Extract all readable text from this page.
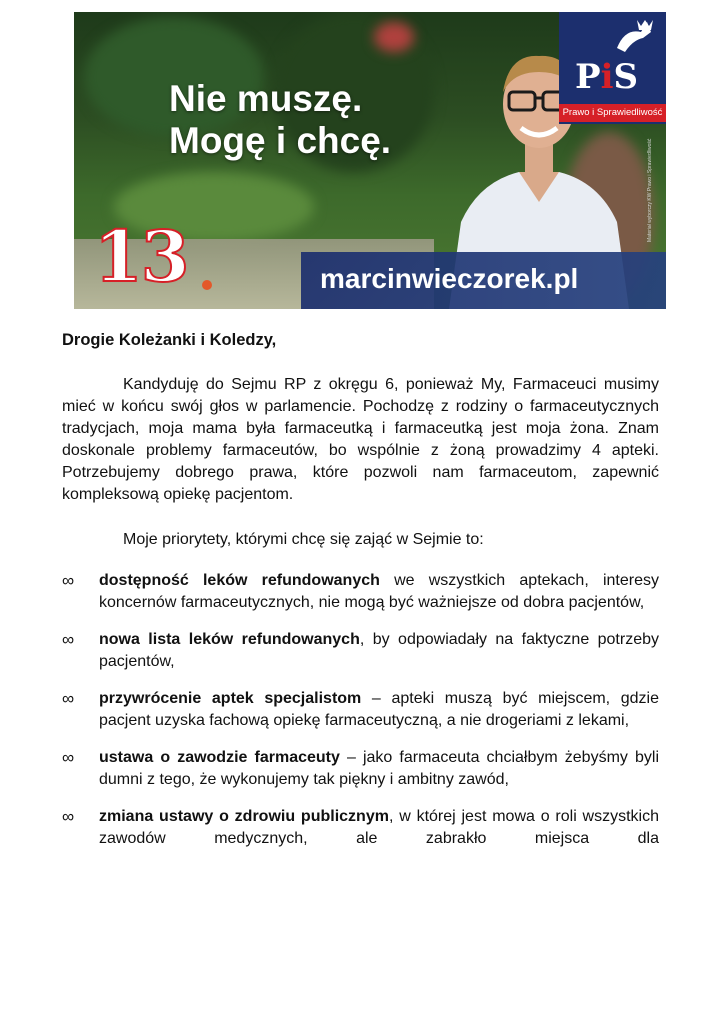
Nie muszę.
Mogę i chcę.
13	marcinwieczorek.pl
PiS
Prawo i Sprawiedliwość
Materiał wyborczy KW Prawo i Sprawiedliwość
Drogie Koleżanki i Koledzy,
Kandyduję do Sejmu RP z okręgu 6, ponieważ My, Farmaceuci musimy mieć w końcu swój głos w parlamencie. Pochodzę z rodziny o farmaceutycznych tradycjach, moja mama była farmaceutką i farmaceutką jest moja żona. Znam doskonale problemy farmaceutów, bo wspólnie z żoną prowadzimy 4 apteki. Potrzebujemy dobrego prawa, które pozwoli nam farmaceutom, zapewnić kompleksową opiekę pacjentom.
Moje priorytety, którymi chcę się zająć w Sejmie to:
∞ dostępność leków refundowanych we wszystkich aptekach, interesy koncernów farmaceutycznych, nie mogą być ważniejsze od dobra pacjentów,
∞ nowa lista leków refundowanych, by odpowiadały na faktyczne potrzeby pacjentów,
∞ przywrócenie aptek specjalistom – apteki muszą być miejscem, gdzie pacjent uzyska fachową opiekę farmaceutyczną, a nie drogeriami z lekami,
∞ ustawa o zawodzie farmaceuty – jako farmaceuta chciałbym żebyśmy byli dumni z tego, że wykonujemy tak piękny i ambitny zawód,
∞ zmiana ustawy o zdrowiu publicznym, w której jest mowa o roli wszystkich zawodów medycznych, ale zabrakło miejsca dla
